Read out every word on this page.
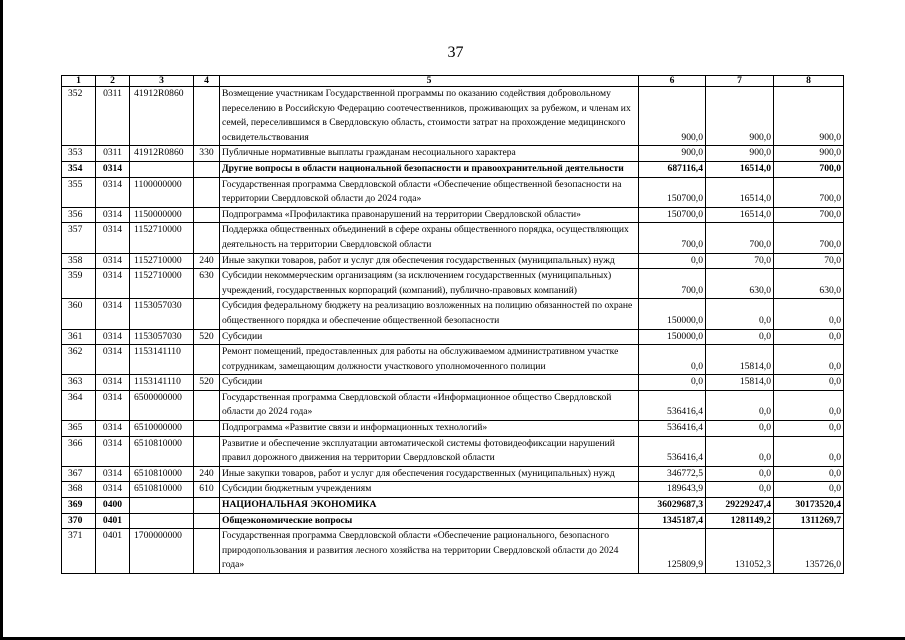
37
1	2	3	4	5	6	7	8
352	0311	41912R0860		Возмещение участникам Государственной программы по оказанию содействия добровольному переселению в Российскую Федерацию соотечественников, проживающих за рубежом, и членам их семей, переселившимся в Свердловскую область, стоимости затрат на прохождение медицинского освидетельствования	900,0	900,0	900,0
353	0311	41912R0860	330	Публичные нормативные выплаты гражданам несоциального характера	900,0	900,0	900,0
354	0314			Другие вопросы в области национальной безопасности и правоохранительной деятельности	687116,4	16514,0	700,0
355	0314	1100000000		Государственная программа Свердловской области «Обеспечение общественной безопасности на территории Свердловской области до 2024 года»	150700,0	16514,0	700,0
356	0314	1150000000		Подпрограмма «Профилактика правонарушений на территории Свердловской области»	150700,0	16514,0	700,0
357	0314	1152710000		Поддержка общественных объединений в сфере охраны общественного порядка, осуществляющих деятельность на территории Свердловской области	700,0	700,0	700,0
358	0314	1152710000	240	Иные закупки товаров, работ и услуг для обеспечения государственных (муниципальных) нужд	0,0	70,0	70,0
359	0314	1152710000	630	Субсидии некоммерческим организациям (за исключением государственных (муниципальных) учреждений, государственных корпораций (компаний), публично-правовых компаний)	700,0	630,0	630,0
360	0314	1153057030		Субсидия федеральному бюджету на реализацию возложенных на полицию обязанностей по охране общественного порядка и обеспечение общественной безопасности	150000,0	0,0	0,0
361	0314	1153057030	520	Субсидии	150000,0	0,0	0,0
362	0314	1153141110		Ремонт помещений, предоставленных для работы на обслуживаемом административном участке сотрудникам, замещающим должности участкового уполномоченного полиции	0,0	15814,0	0,0
363	0314	1153141110	520	Субсидии	0,0	15814,0	0,0
364	0314	6500000000		Государственная программа Свердловской области «Информационное общество Свердловской области до 2024 года»	536416,4	0,0	0,0
365	0314	6510000000		Подпрограмма «Развитие связи и информационных технологий»	536416,4	0,0	0,0
366	0314	6510810000		Развитие и обеспечение эксплуатации автоматической системы фотовидеофиксации нарушений правил дорожного движения на территории Свердловской области	536416,4	0,0	0,0
367	0314	6510810000	240	Иные закупки товаров, работ и услуг для обеспечения государственных (муниципальных) нужд	346772,5	0,0	0,0
368	0314	6510810000	610	Субсидии бюджетным учреждениям	189643,9	0,0	0,0
369	0400			НАЦИОНАЛЬНАЯ ЭКОНОМИКА	36029687,3	29229247,4	30173520,4
370	0401			Общеэкономические вопросы	1345187,4	1281149,2	1311269,7
371	0401	1700000000		Государственная программа Свердловской области «Обеспечение рационального, безопасного природопользования и развития лесного хозяйства на территории Свердловской области до 2024 года»	125809,9	131052,3	135726,0
